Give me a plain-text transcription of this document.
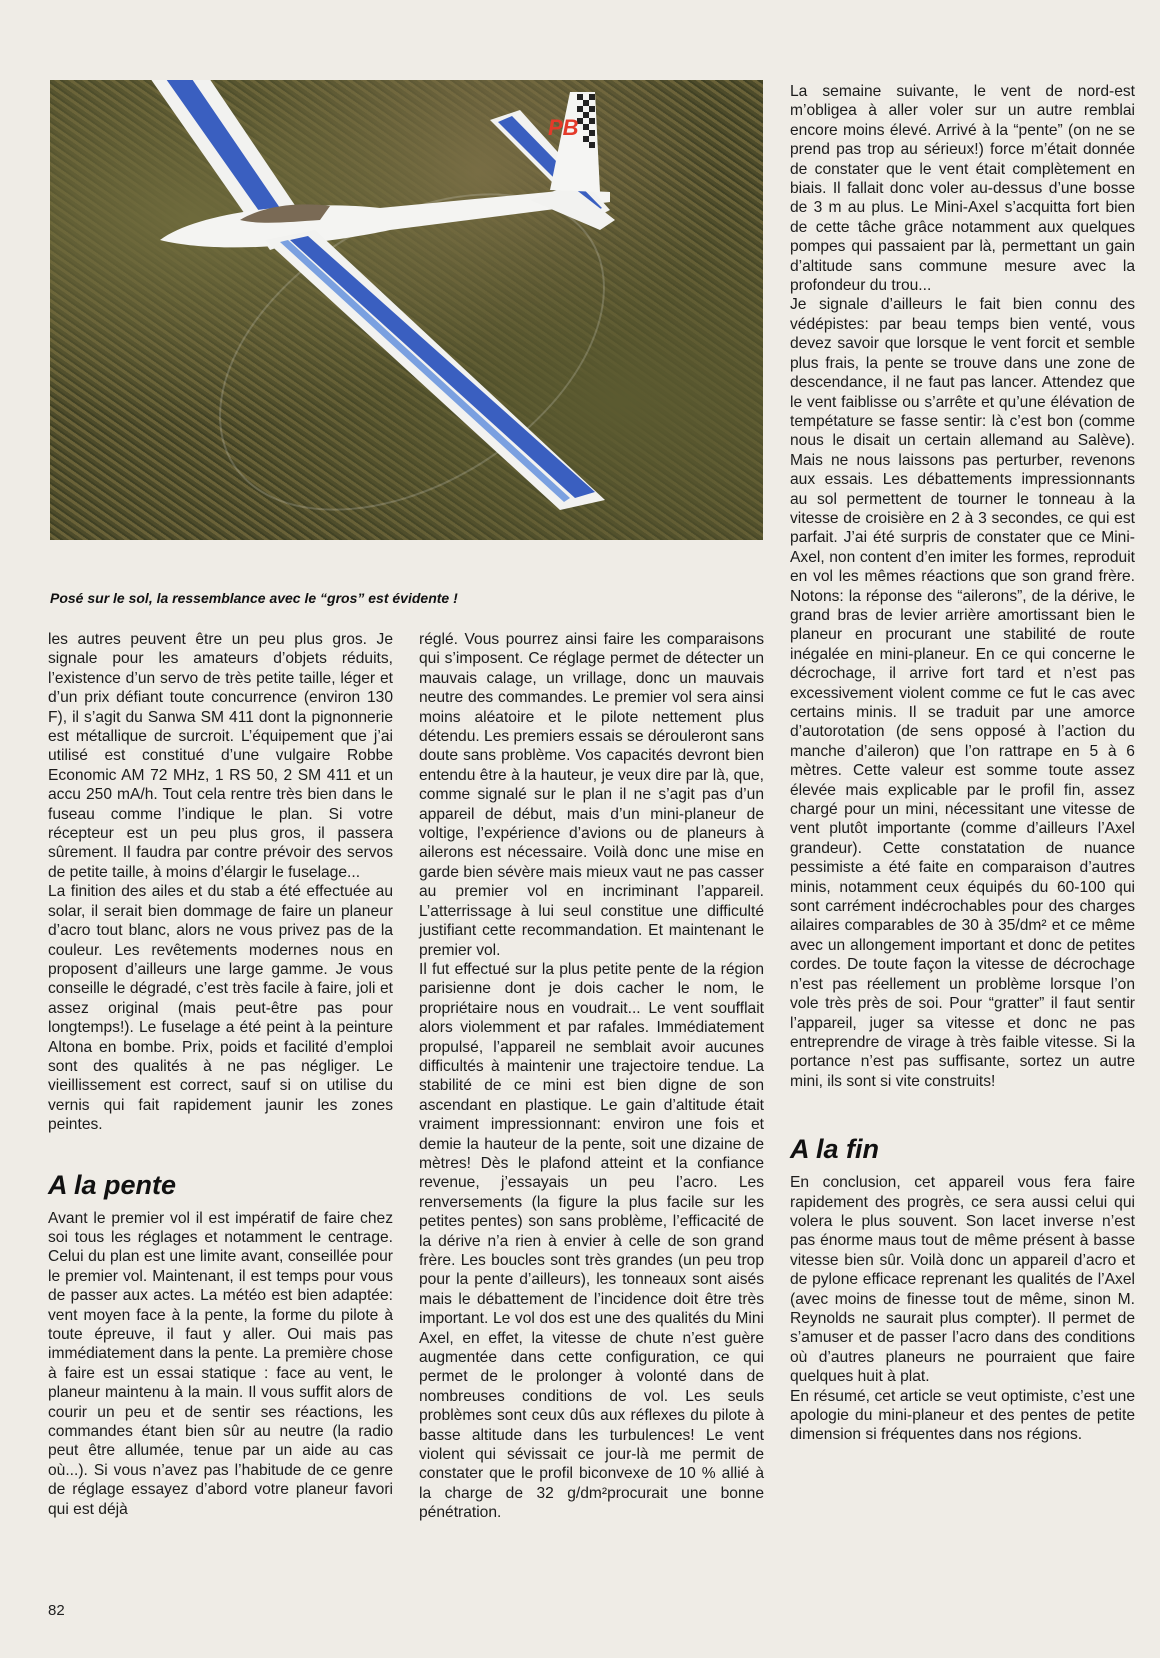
PB
Posé sur le sol, la ressemblance avec le “gros” est évidente !

les autres peuvent être un peu plus gros. Je signale pour les amateurs d’objets réduits, l’existence d’un servo de très petite taille, léger et d’un prix défiant toute concurrence (environ 130 F), il s’agit du Sanwa SM 411 dont la pignonnerie est métallique de surcroit. L’équipement que j’ai utilisé est constitué d’une vulgaire Robbe Economic AM 72 MHz, 1 RS 50, 2 SM 411 et un accu 250 mA/h. Tout cela rentre très bien dans le fuseau comme l’indique le plan. Si votre récepteur est un peu plus gros, il passera sûrement. Il faudra par contre prévoir des servos de petite taille, à moins d’élargir le fuselage...

La finition des ailes et du stab a été effectuée au solar, il serait bien dommage de faire un planeur d’acro tout blanc, alors ne vous privez pas de la couleur. Les revêtements modernes nous en proposent d’ailleurs une large gamme. Je vous conseille le dégradé, c’est très facile à faire, joli et assez original (mais peut-être pas pour longtemps!). Le fuselage a été peint à la peinture Altona en bombe. Prix, poids et facilité d’emploi sont des qualités à ne pas négliger. Le vieillissement est correct, sauf si on utilise du vernis qui fait rapidement jaunir les zones peintes.

A la pente

Avant le premier vol il est impératif de faire chez soi tous les réglages et notamment le centrage. Celui du plan est une limite avant, conseillée pour le premier vol. Maintenant, il est temps pour vous de passer aux actes. La météo est bien adaptée: vent moyen face à la pente, la forme du pilote à toute épreuve, il faut y aller. Oui mais pas immédiatement dans la pente. La première chose à faire est un essai statique : face au vent, le planeur maintenu à la main. Il vous suffit alors de courir un peu et de sentir ses réactions, les commandes étant bien sûr au neutre (la radio peut être allumée, tenue par un aide au cas où...). Si vous n’avez pas l’habitude de ce genre de réglage essayez d’abord votre planeur favori qui est déjà

réglé. Vous pourrez ainsi faire les comparaisons qui s’imposent. Ce réglage permet de détecter un mauvais calage, un vrillage, donc un mauvais neutre des commandes. Le premier vol sera ainsi moins aléatoire et le pilote nettement plus détendu. Les premiers essais se dérouleront sans doute sans problème. Vos capacités devront bien entendu être à la hauteur, je veux dire par là, que, comme signalé sur le plan il ne s’agit pas d’un appareil de début, mais d’un mini-planeur de voltige, l’expérience d’avions ou de planeurs à ailerons est nécessaire. Voilà donc une mise en garde bien sévère mais mieux vaut ne pas casser au premier vol en incriminant l’appareil. L’atterrissage à lui seul constitue une difficulté justifiant cette recommandation. Et maintenant le premier vol.

Il fut effectué sur la plus petite pente de la région parisienne dont je dois cacher le nom, le propriétaire nous en voudrait... Le vent soufflait alors violemment et par rafales. Immédiatement propulsé, l’appareil ne semblait avoir aucunes difficultés à maintenir une trajectoire tendue. La stabilité de ce mini est bien digne de son ascendant en plastique. Le gain d’altitude était vraiment impressionnant: environ une fois et demie la hauteur de la pente, soit une dizaine de mètres! Dès le plafond atteint et la confiance revenue, j’essayais un peu l’acro. Les renversements (la figure la plus facile sur les petites pentes) son sans problème, l’efficacité de la dérive n’a rien à envier à celle de son grand frère. Les boucles sont très grandes (un peu trop pour la pente d’ailleurs), les tonneaux sont aisés mais le débattement de l’incidence doit être très important. Le vol dos est une des qualités du Mini Axel, en effet, la vitesse de chute n’est guère augmentée dans cette configuration, ce qui permet de le prolonger à volonté dans de nombreuses conditions de vol. Les seuls problèmes sont ceux dûs aux réflexes du pilote à basse altitude dans les turbulences! Le vent violent qui sévissait ce jour-là me permit de constater que le profil biconvexe de 10 % allié à la charge de 32 g/dm²procurait une bonne pénétration.

La semaine suivante, le vent de nord-est m’obligea à aller voler sur un autre remblai encore moins élevé. Arrivé à la “pente” (on ne se prend pas trop au sérieux!) force m’était donnée de constater que le vent était complètement en biais. Il fallait donc voler au-dessus d’une bosse de 3 m au plus. Le Mini-Axel s’acquitta fort bien de cette tâche grâce notamment aux quelques pompes qui passaient par là, permettant un gain d’altitude sans commune mesure avec la profondeur du trou...

Je signale d’ailleurs le fait bien connu des védépistes: par beau temps bien venté, vous devez savoir que lorsque le vent forcit et semble plus frais, la pente se trouve dans une zone de descendance, il ne faut pas lancer. Attendez que le vent faiblisse ou s’arrête et qu’une élévation de tempétature se fasse sentir: là c’est bon (comme nous le disait un certain allemand au Salève). Mais ne nous laissons pas perturber, revenons aux essais. Les débattements impressionnants au sol permettent de tourner le tonneau à la vitesse de croisière en 2 à 3 secondes, ce qui est parfait. J’ai été surpris de constater que ce Mini-Axel, non content d’en imiter les formes, reproduit en vol les mêmes réactions que son grand frère. Notons: la réponse des “ailerons”, de la dérive, le grand bras de levier arrière amortissant bien le planeur en procurant une stabilité de route inégalée en mini-planeur. En ce qui concerne le décrochage, il arrive fort tard et n’est pas excessivement violent comme ce fut le cas avec certains minis. Il se traduit par une amorce d’autorotation (de sens opposé à l’action du manche d’aileron) que l’on rattrape en 5 à 6 mètres. Cette valeur est somme toute assez élevée mais explicable par le profil fin, assez chargé pour un mini, nécessitant une vitesse de vent plutôt importante (comme d’ailleurs l’Axel grandeur). Cette constatation de nuance pessimiste a été faite en comparaison d’autres minis, notamment ceux équipés du 60-100 qui sont carrément indécrochables pour des charges ailaires comparables de 30 à 35/dm² et ce même avec un allongement important et donc de petites cordes. De toute façon la vitesse de décrochage n’est pas réellement un problème lorsque l’on vole très près de soi. Pour “gratter” il faut sentir l’appareil, juger sa vitesse et donc ne pas entreprendre de virage à très faible vitesse. Si la portance n’est pas suffisante, sortez un autre mini, ils sont si vite construits!

A la fin

En conclusion, cet appareil vous fera faire rapidement des progrès, ce sera aussi celui qui volera le plus souvent. Son lacet inverse n’est pas énorme maus tout de même présent à basse vitesse bien sûr. Voilà donc un appareil d’acro et de pylone efficace reprenant les qualités de l’Axel (avec moins de finesse tout de même, sinon M. Reynolds ne saurait plus compter). Il permet de s’amuser et de passer l’acro dans des conditions où d’autres planeurs ne pourraient que faire quelques huit à plat.

En résumé, cet article se veut optimiste, c’est une apologie du mini-planeur et des pentes de petite dimension si fréquentes dans nos régions.

82
